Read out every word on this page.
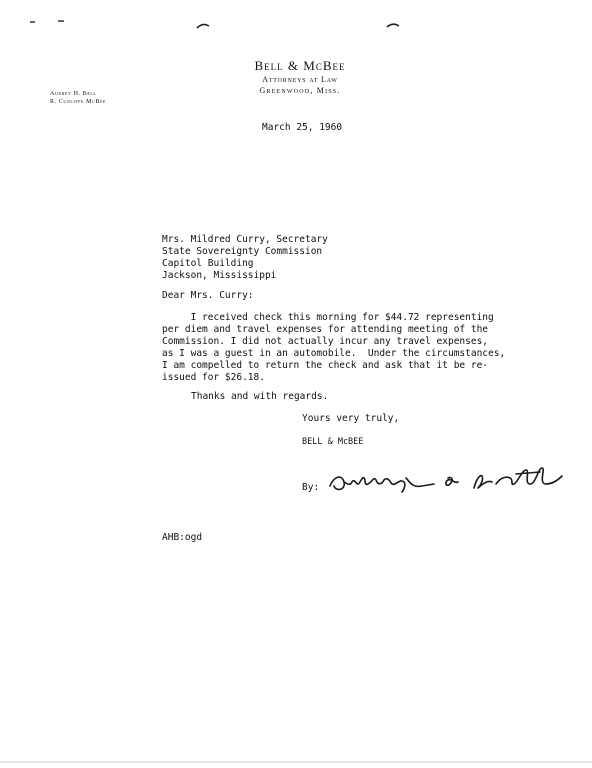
Bell & McBee
Attorneys at Law
Greenwood, Miss.
Aubrey H. Bell
R. Cunliffe McBee
March 25, 1960
Mrs. Mildred Curry, Secretary
State Sovereignty Commission
Capitol Building
Jackson, Mississippi
Dear Mrs. Curry:
I received check this morning for $44.72 representing
per diem and travel expenses for attending meeting of the
Commission. I did not actually incur any travel expenses,
as I was a guest in an automobile.  Under the circumstances,
I am compelled to return the check and ask that it be re-
issued for $26.18.
Thanks and with regards.
Yours very truly,
BELL & McBEE
By:
AHB:ogd
